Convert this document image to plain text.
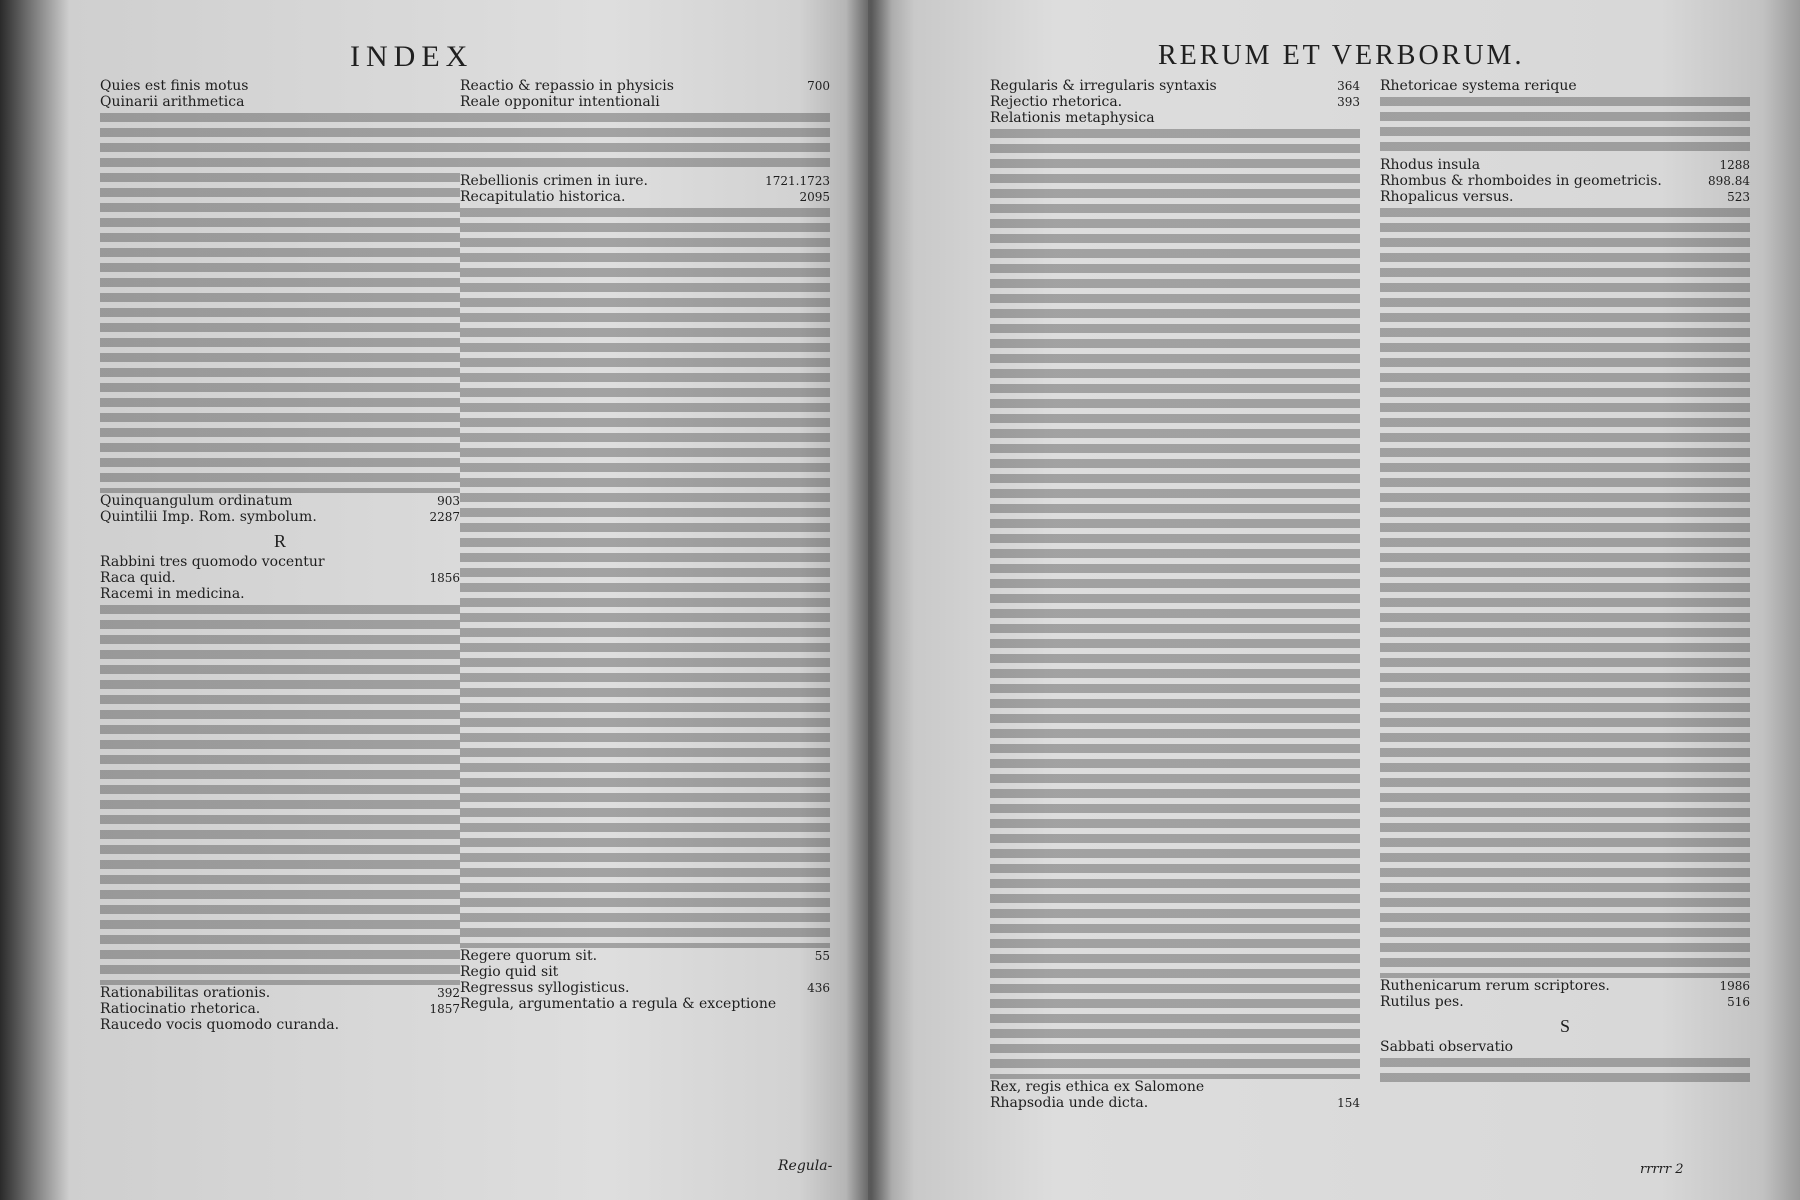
INDEX
Quies est finis motus
Quinarii arithmetica
Quinquangulum ordinatum	903
Quintilii Imp. Rom. symbolum.	2287
R
Rabbini tres quomodo vocentur
Raca quid.	1856
Racemi in medicina.
Rationabilitas orationis.	392
Ratiocinatio rhetorica.	1857
Raucedo vocis quomodo curanda.
Reactio & repassio in physicis	700
Reale opponitur intentionali
Rebellionis crimen in iure.	1721.1723
Recapitulatio historica.	2095
Regere quorum sit.	55
Regio quid sit
Regressus syllogisticus.	436
Regula, argumentatio a regula & exceptione
Regula-
RERUM ET VERBORUM.
Regularis & irregularis syntaxis	364
Rejectio rhetorica.	393
Relationis metaphysica
Rex, regis ethica ex Salomone
Rhapsodia unde dicta.	154
Rhetoricae systema rerique
Rhodus insula	1288
Rhombus & rhomboides in geometricis.	898.84
Rhopalicus versus.	523
Ruthenicarum rerum scriptores.	1986
Rutilus pes.	516
S
Sabbati observatio
rrrrr 2
